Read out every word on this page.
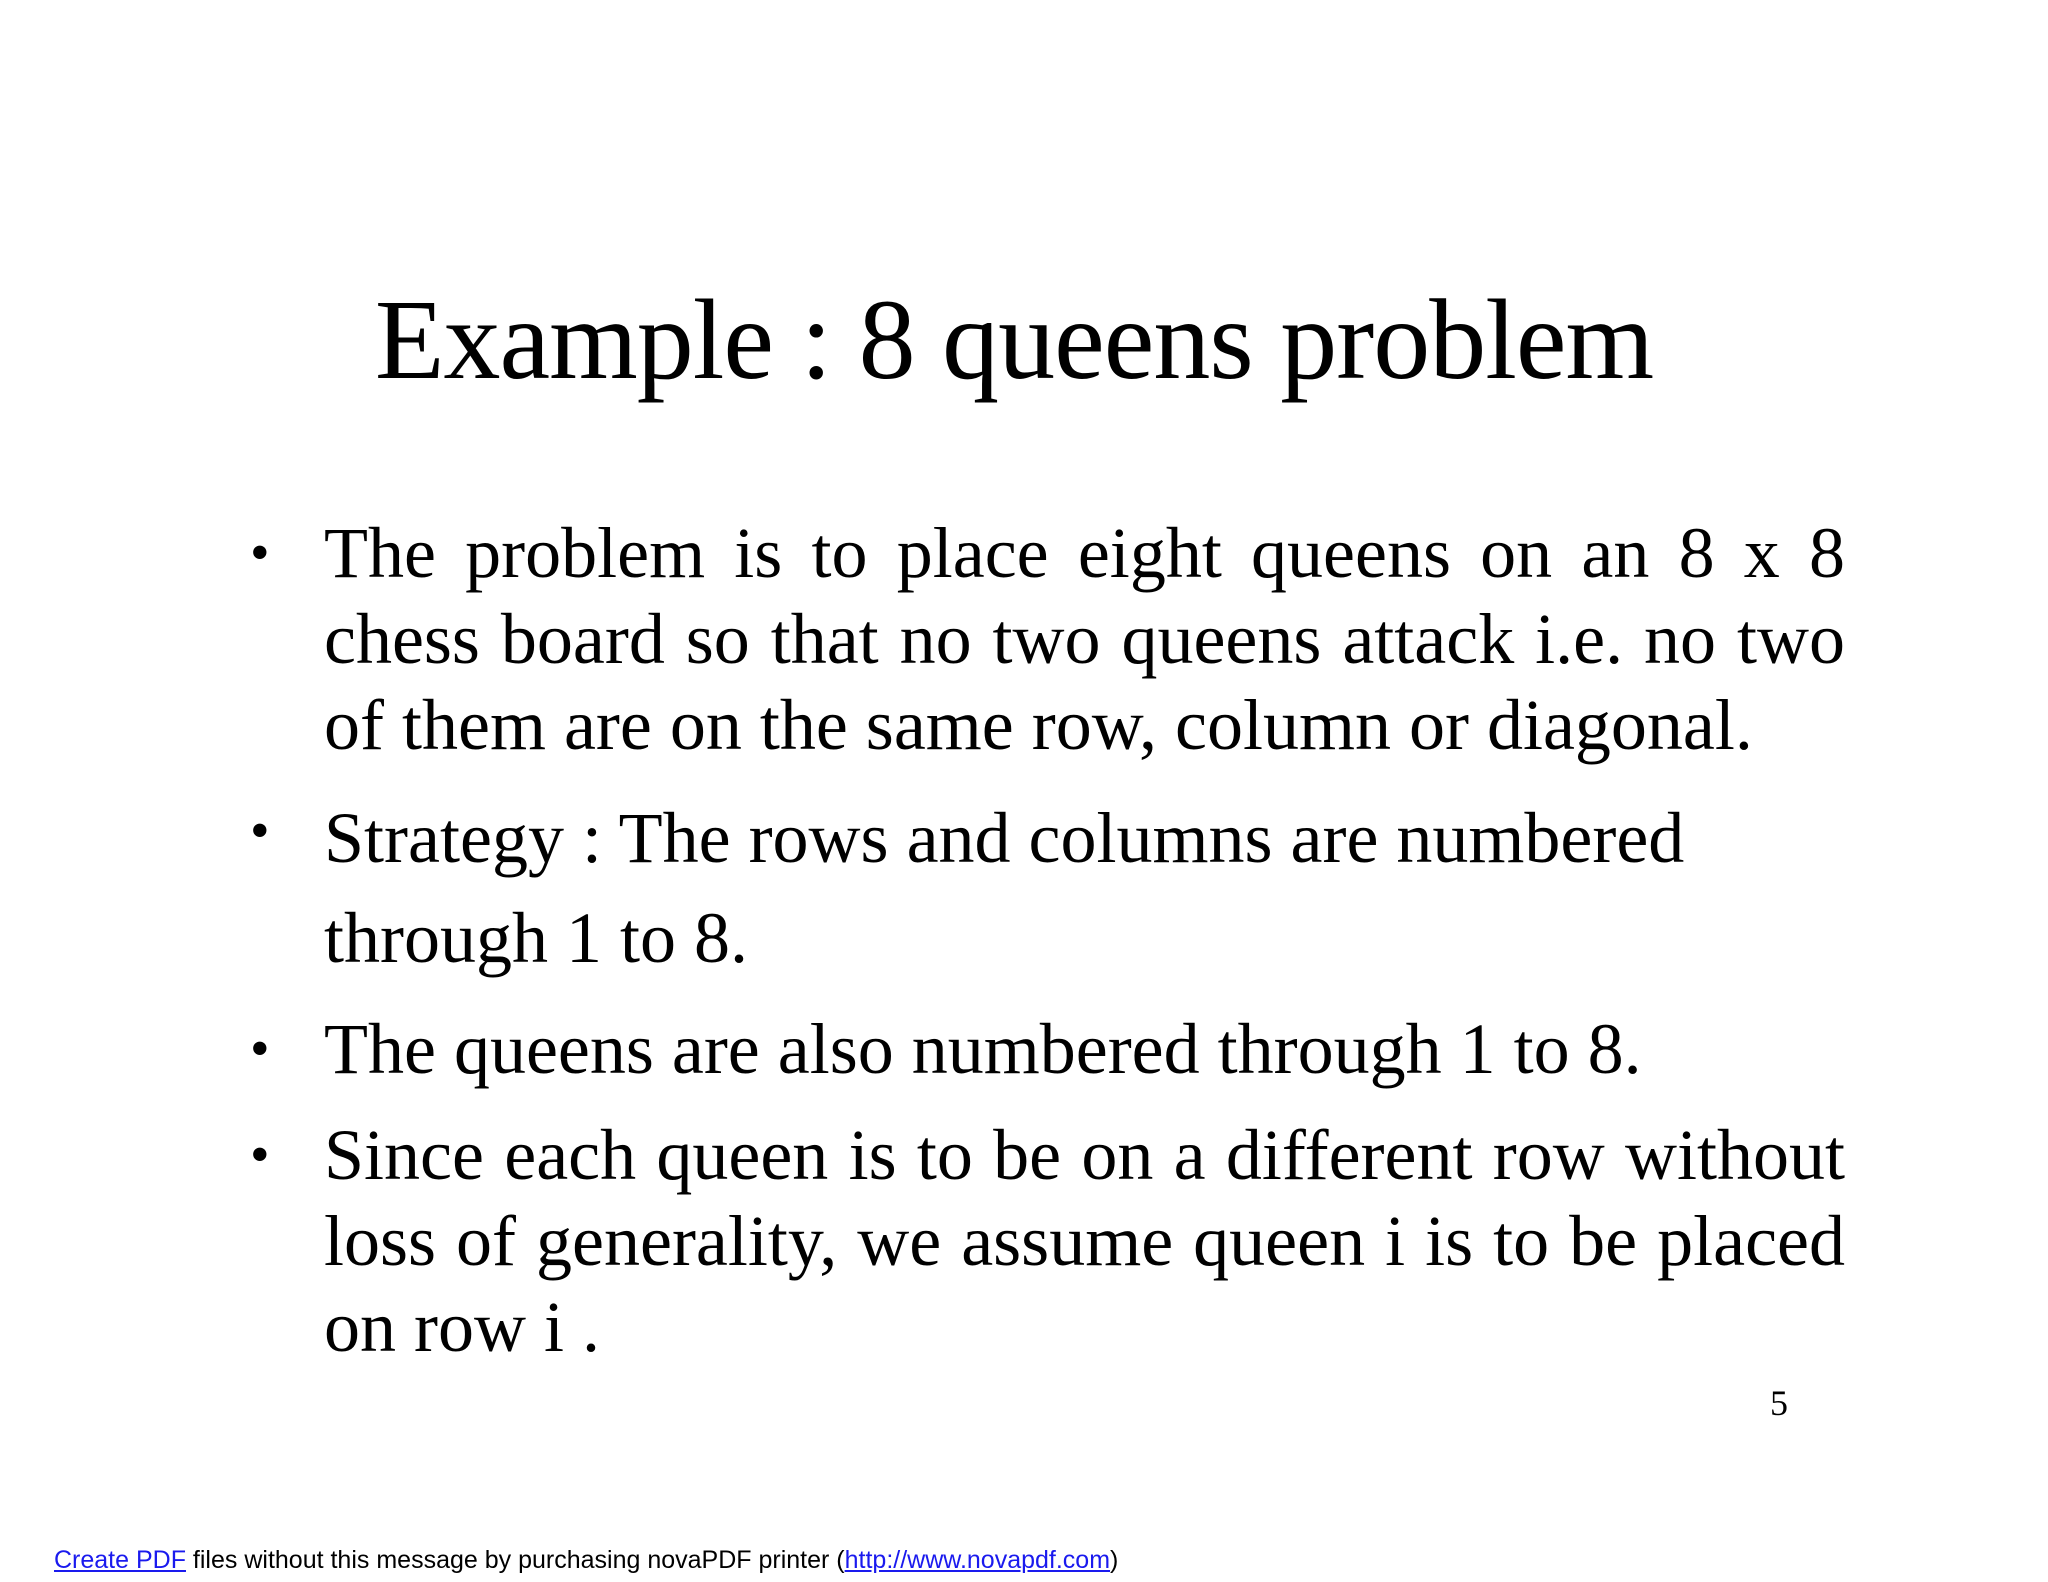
Example : 8 queens problem
• The problem is to place eight queens on an 8 x 8 chess board so that no two queens attack i.e. no two of them are on the same row, column or diagonal.
• Strategy : The rows and columns are numbered through 1 to 8.
• The queens are also numbered through 1 to 8.
• Since each queen is to be on a different row without loss of generality, we assume queen i is to be placed on row i .
5
Create PDF files without this message by purchasing novaPDF printer (http://www.novapdf.com)
